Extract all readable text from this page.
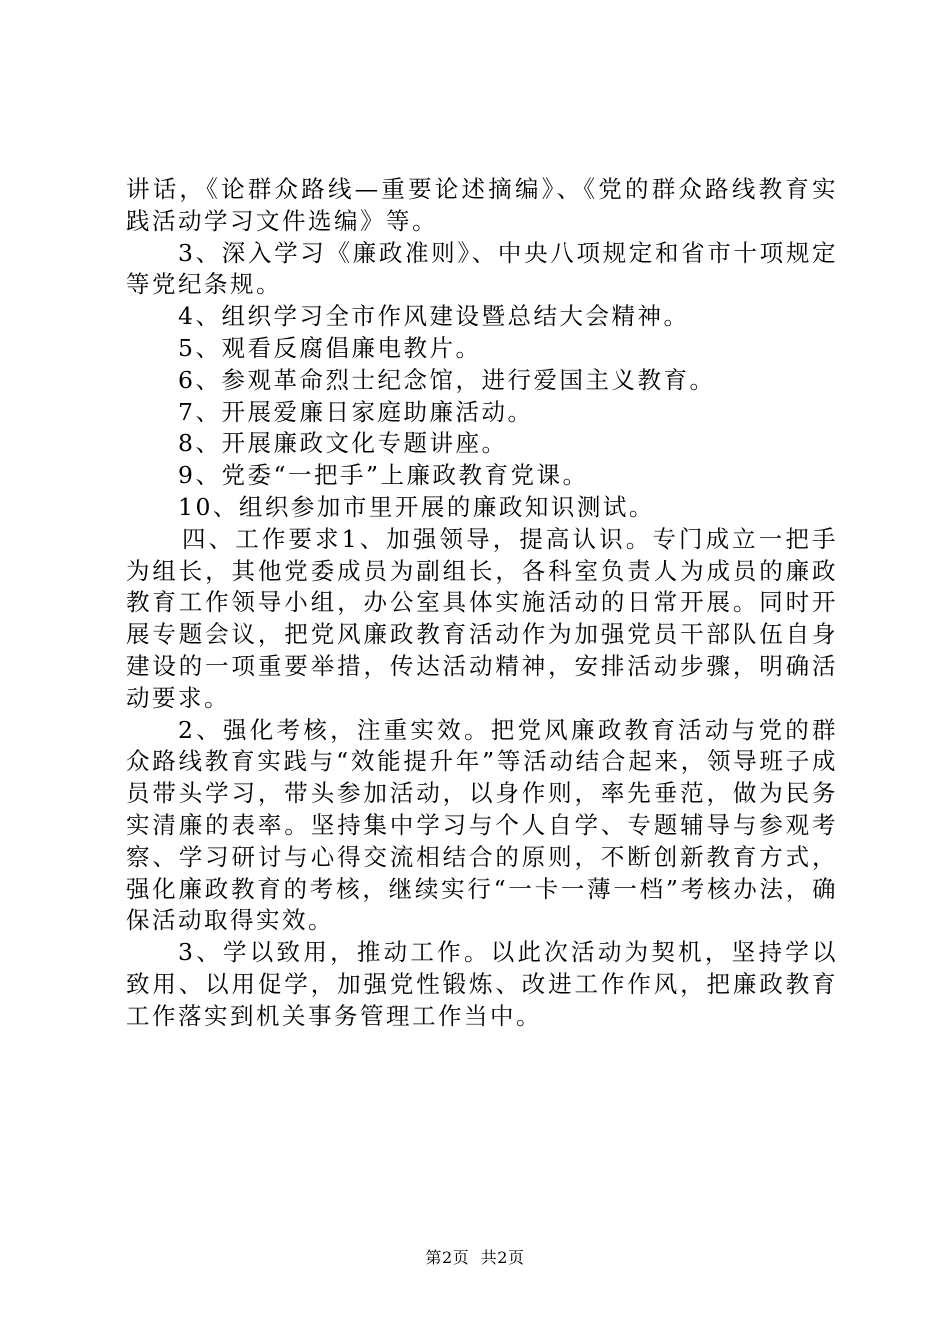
讲话，《论群众路线—重要论述摘编》、《党的群众路线教育实践活动学习文件选编》等。

3、深入学习《廉政准则》、中央八项规定和省市十项规定等党纪条规。

4、组织学习全市作风建设暨总结大会精神。

5、观看反腐倡廉电教片。

6、参观革命烈士纪念馆，进行爱国主义教育。

7、开展爱廉日家庭助廉活动。

8、开展廉政文化专题讲座。

9、党委“一把手”上廉政教育党课。

10、组织参加市里开展的廉政知识测试。

四、工作要求1、加强领导，提高认识。专门成立一把手为组长，其他党委成员为副组长，各科室负责人为成员的廉政教育工作领导小组，办公室具体实施活动的日常开展。同时开展专题会议，把党风廉政教育活动作为加强党员干部队伍自身建设的一项重要举措，传达活动精神，安排活动步骤，明确活动要求。

2、强化考核，注重实效。把党风廉政教育活动与党的群众路线教育实践与“效能提升年”等活动结合起来，领导班子成员带头学习，带头参加活动，以身作则，率先垂范，做为民务实清廉的表率。坚持集中学习与个人自学、专题辅导与参观考察、学习研讨与心得交流相结合的原则，不断创新教育方式，强化廉政教育的考核，继续实行“一卡一薄一档”考核办法，确保活动取得实效。

3、学以致用，推动工作。以此次活动为契机，坚持学以致用、以用促学，加强党性锻炼、改进工作作风，把廉政教育工作落实到机关事务管理工作当中。

第2页 共2页
